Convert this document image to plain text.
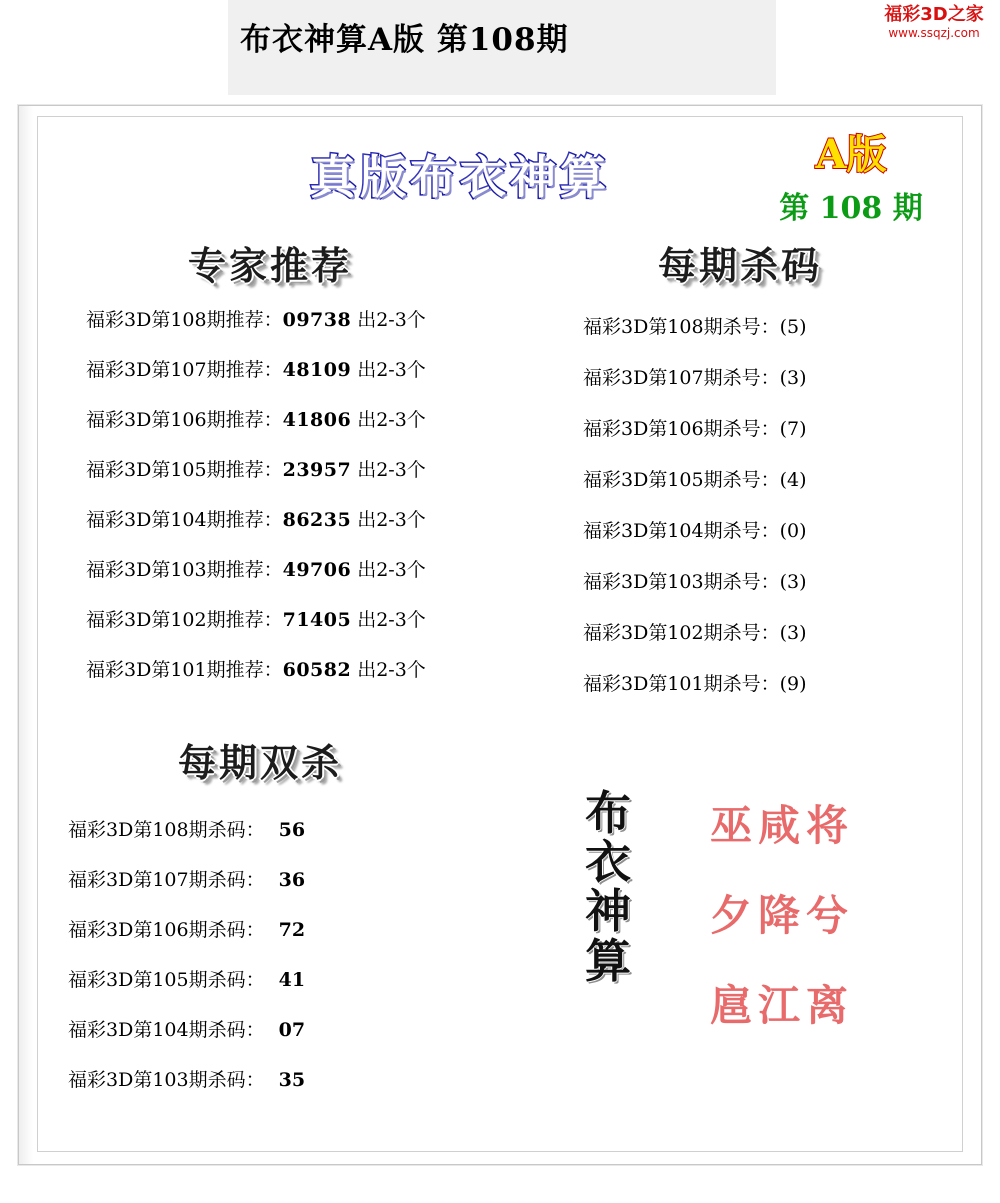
布衣神算A版 第108期
福彩3D之家
www.ssqzj.com
真版布衣神算	A版
第 108 期
专家推荐	每期杀码
每期双杀
福彩3D第108期推荐： 09738 出2-3个
福彩3D第107期推荐： 48109 出2-3个
福彩3D第106期推荐： 41806 出2-3个
福彩3D第105期推荐： 23957 出2-3个
福彩3D第104期推荐： 86235 出2-3个
福彩3D第103期推荐： 49706 出2-3个
福彩3D第102期推荐： 71405 出2-3个
福彩3D第101期推荐： 60582 出2-3个
福彩3D第108期杀号： (5)
福彩3D第107期杀号： (3)
福彩3D第106期杀号： (7)
福彩3D第105期杀号： (4)
福彩3D第104期杀号： (0)
福彩3D第103期杀号： (3)
福彩3D第102期杀号： (3)
福彩3D第101期杀号： (9)
福彩3D第108期杀码： 56
福彩3D第107期杀码： 36
福彩3D第106期杀码： 72
福彩3D第105期杀码： 41
福彩3D第104期杀码： 07
福彩3D第103期杀码： 35
布
衣
神
算
巫咸将
夕降兮
扈江离
